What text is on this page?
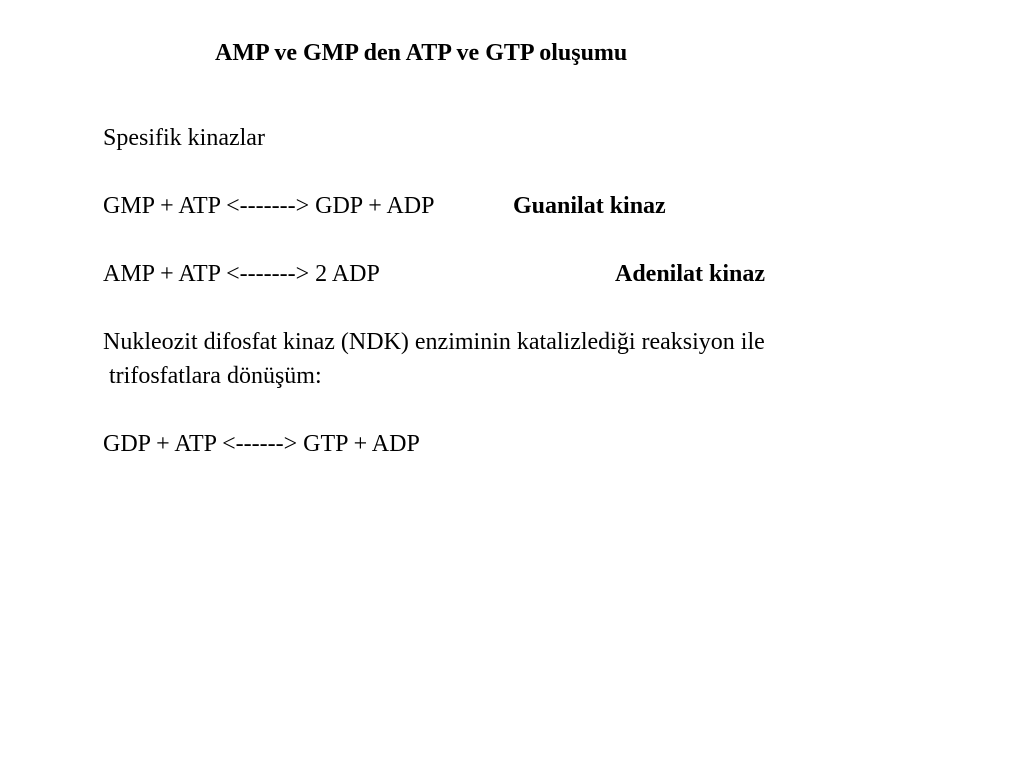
AMP ve GMP den ATP ve GTP oluşumu
Spesifik kinazlar
GMP + ATP <-------> GDP + ADP	Guanilat kinaz
AMP + ATP <-------> 2 ADP	Adenilat kinaz
Nukleozit difosfat kinaz (NDK) enziminin katalizlediği reaksiyon ile
trifosfatlara dönüşüm:
GDP + ATP <------> GTP + ADP
